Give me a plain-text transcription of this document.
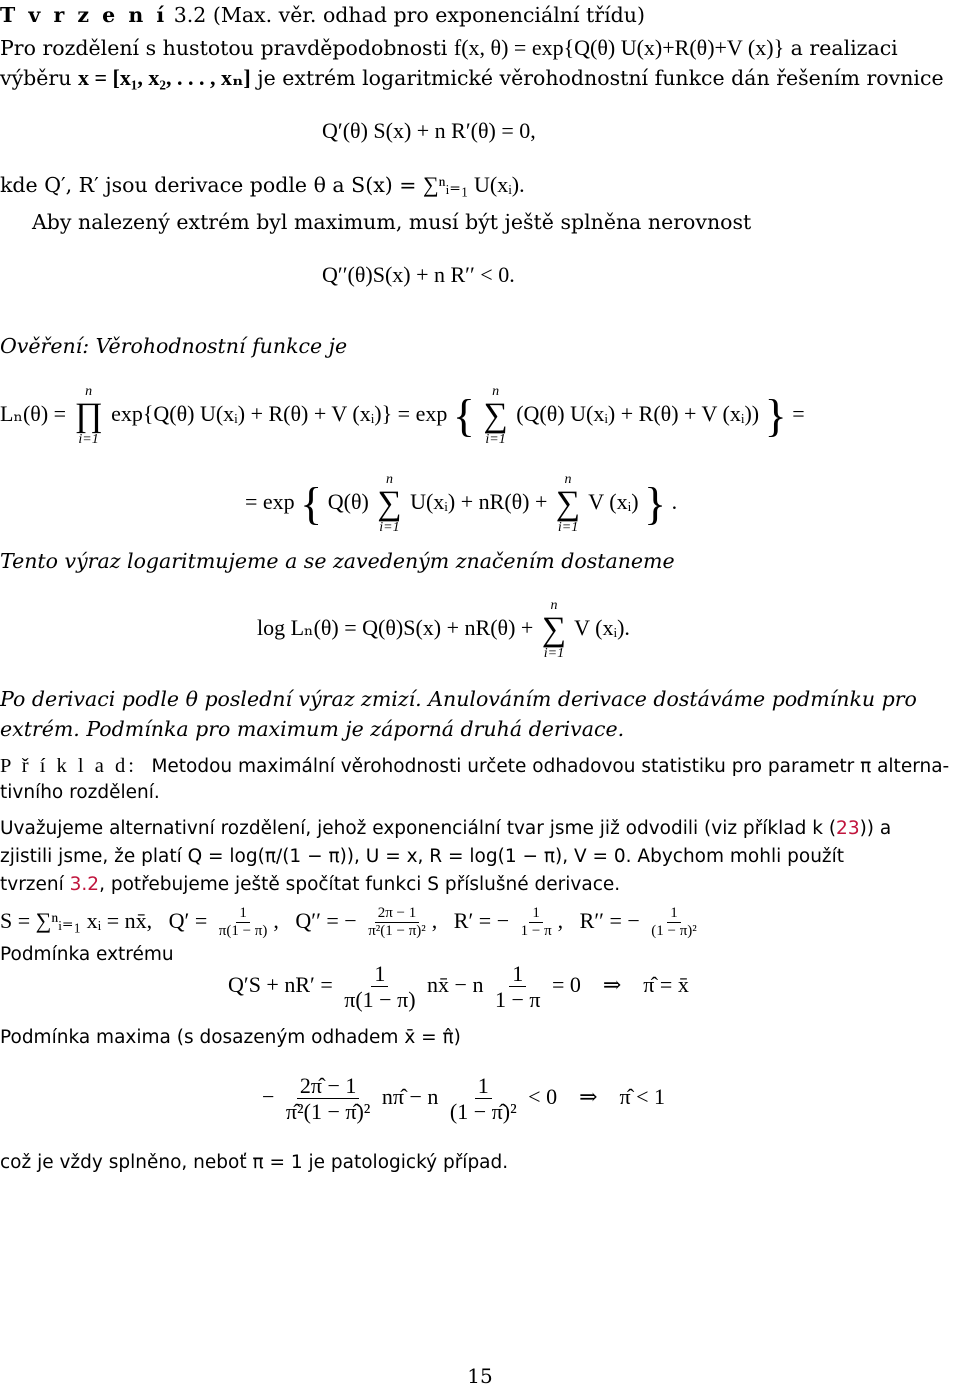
T v r z e n í 3.2 (Max. věr. odhad pro exponenciální třídu)
Pro rozdělení s hustotou pravděpodobnosti f(x, θ) = exp{Q(θ) U(x)+R(θ)+V (x)} a realizaci
výběru x = [x₁, x₂, . . . , xₙ] je extrém logaritmické věrohodnostní funkce dán řešením rovnice
Q′(θ) S(x) + n R′(θ) = 0,
kde Q′, R′ jsou derivace podle θ a S(x) = ∑ⁿᵢ₌₁ U(xᵢ).
Aby nalezený extrém byl maximum, musí být ještě splněna nerovnost
Q′′(θ)S(x) + n R′′ < 0.
Ověření: Věrohodnostní funkce je
Lₙ(θ) =
n
∏
i=1
exp{Q(θ) U(xᵢ) + R(θ) + V (xᵢ)} = exp { n
∑
i=1
(Q(θ) U(xᵢ) + R(θ) + V (xᵢ)) } =
= exp { Q(θ)
n
∑
i=1
U(xᵢ) + nR(θ) +
n
∑
i=1
V (xᵢ) } .
Tento výraz logaritmujeme a se zavedeným značením dostaneme
log Lₙ(θ) = Q(θ)S(x) + nR(θ) +
n
∑
i=1
V (xᵢ).
Po derivaci podle θ poslední výraz zmizí. Anulováním derivace dostáváme podmínku pro
extrém. Podmínka pro maximum je záporná druhá derivace.
P ř í k l a d: Metodou maximální věrohodnosti určete odhadovou statistiku pro parametr π alterna-
tivního rozdělení.
Uvažujeme alternativní rozdělení, jehož exponenciální tvar jsme již odvodili (viz příklad k (23)) a
zjistili jsme, že platí Q = log(π/(1 − π)), U = x, R = log(1 − π), V = 0. Abychom mohli použít
tvrzení 3.2, potřebujeme ještě spočítat funkci S příslušné derivace.
S = ∑ⁿᵢ₌₁ xᵢ = nx̄, $Q' = \frac{1}{\pi(1 - \pi)}$ ,   Q′′ = − $\frac{2\pi - 1}{\text{π²(1 − π)²}}$ ,   R′ = − $\frac{1}{1 - \pi}$ ,   R′′ = − $\frac{1}{\text{(1 − π)²}}$
Podmínka extrému
$Q'S + nR' = \frac{1}{\pi(1 - \pi)}$ nx̄ − n $\frac{1}{1 - \pi} = 0$    ⇒    π̂ = x̄
Podmínka maxima (s dosazeným odhadem x̄ = π̂)
− $\frac{2\pî - 1}{\text{π̂²(1 − π̂)²}}$ nπ̂ − n $\frac{1}{\text{(1 − π̂)²}} < 0$    ⇒    π̂ < 1
což je vždy splněno, neboť π = 1 je patologický případ.
15
